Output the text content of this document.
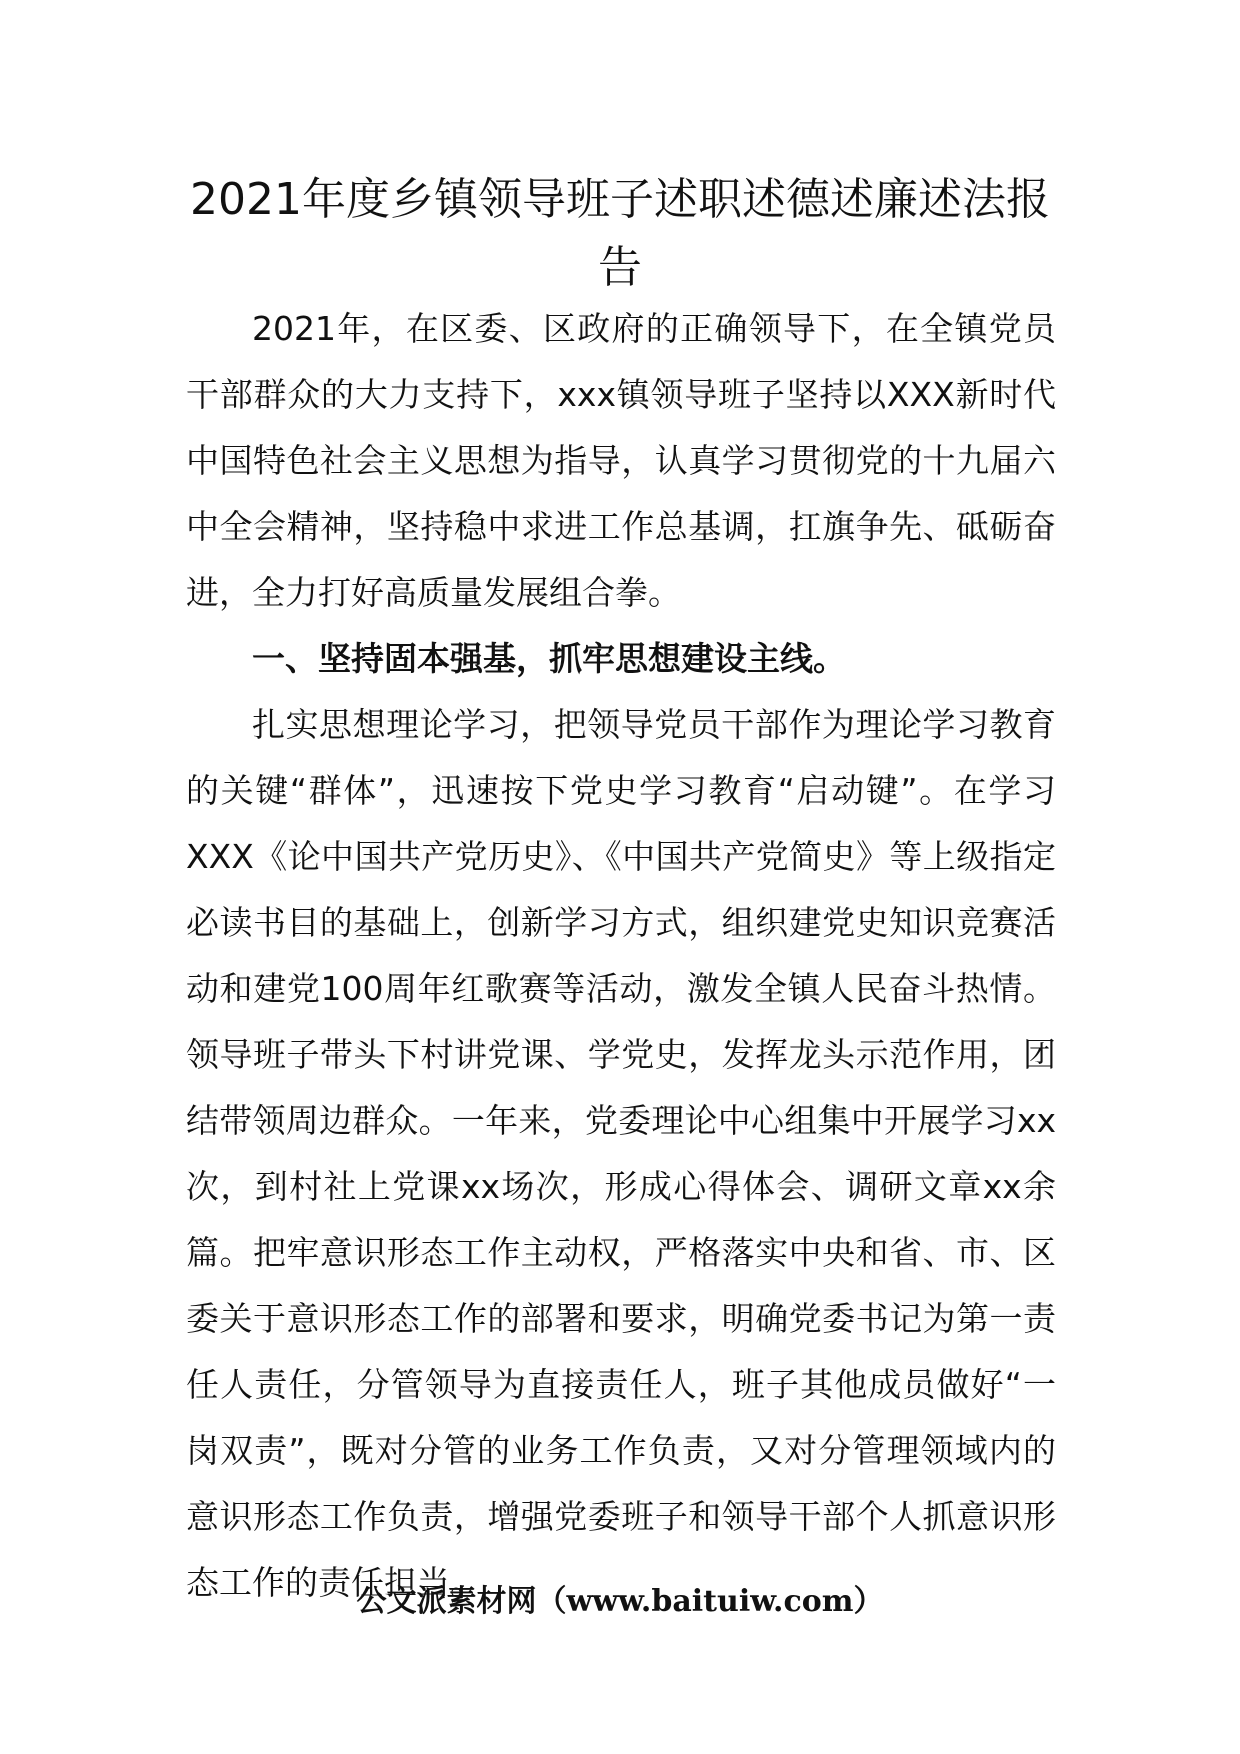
2021年度乡镇领导班子述职述德述廉述法报告

2021年，在区委、区政府的正确领导下，在全镇党员干部群众的大力支持下，xxx镇领导班子坚持以XXX新时代中国特色社会主义思想为指导，认真学习贯彻党的十九届六中全会精神，坚持稳中求进工作总基调，扛旗争先、砥砺奋进，全力打好高质量发展组合拳。

一、坚持固本强基，抓牢思想建设主线。

扎实思想理论学习，把领导党员干部作为理论学习教育的关键“群体”，迅速按下党史学习教育“启动键”。在学习XXX《论中国共产党历史》、《中国共产党简史》等上级指定必读书目的基础上，创新学习方式，组织建党史知识竞赛活动和建党100周年红歌赛等活动，激发全镇人民奋斗热情。领导班子带头下村讲党课、学党史，发挥龙头示范作用，团结带领周边群众。一年来，党委理论中心组集中开展学习xx次，到村社上党课xx场次，形成心得体会、调研文章xx余篇。把牢意识形态工作主动权，严格落实中央和省、市、区委关于意识形态工作的部署和要求，明确党委书记为第一责任人责任，分管领导为直接责任人，班子其他成员做好“一岗双责”，既对分管的业务工作负责，又对分管理领域内的意识形态工作负责，增强党委班子和领导干部个人抓意识形态工作的责任担当。

公文派素材网（www.baituiw.com）
